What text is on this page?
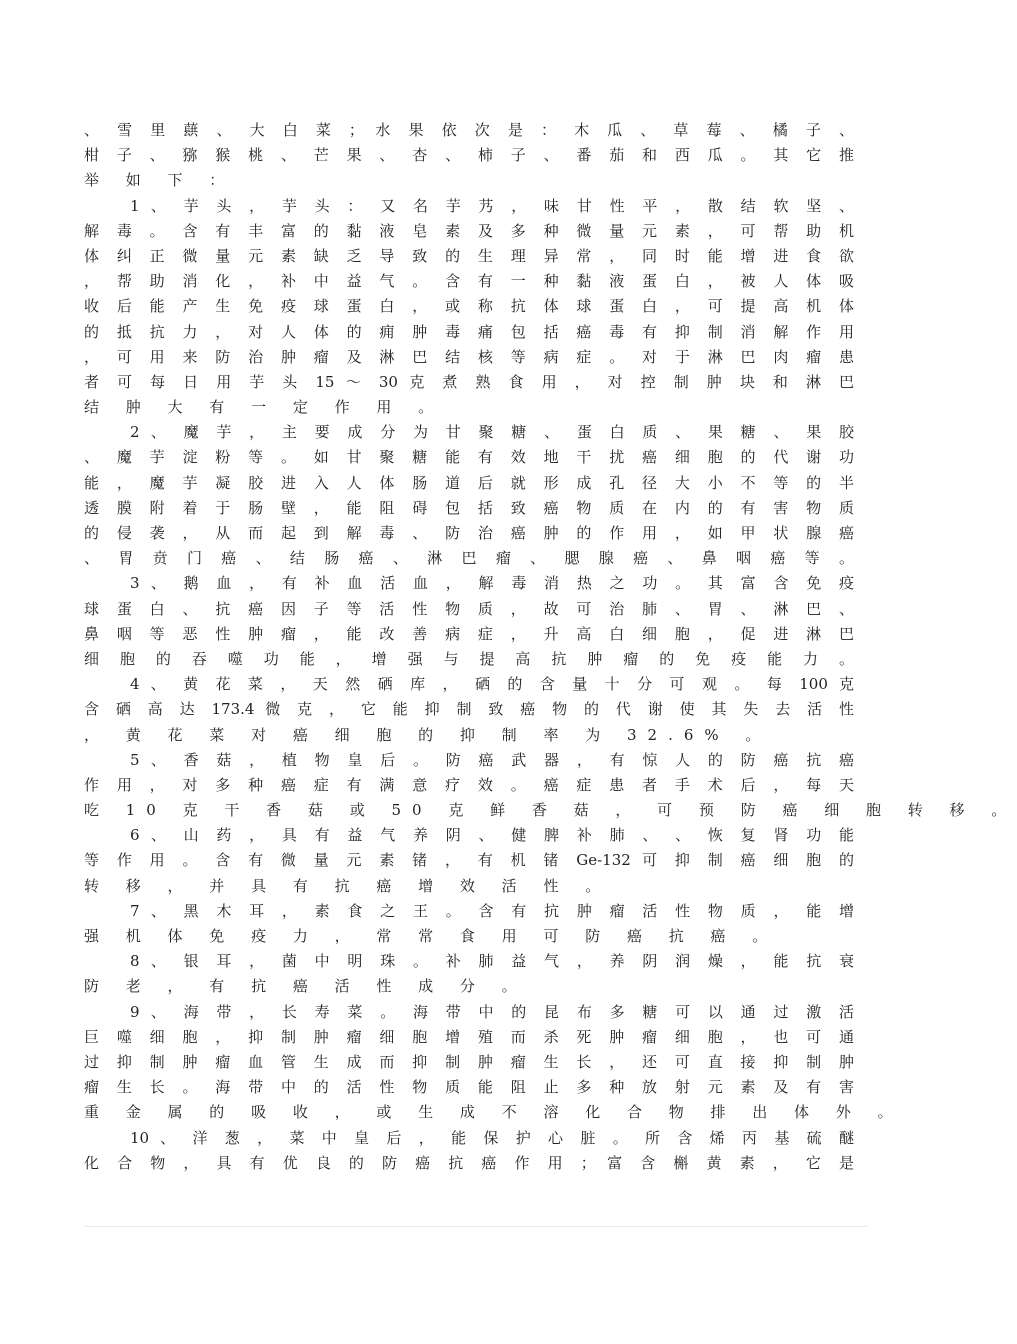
、 雪 里 蕻 、 大 白 菜 ； 水 果 依 次 是 ： 木 瓜 、 草 莓 、 橘 子 、
柑 子 、 猕 猴 桃 、 芒 果 、 杏 、 柿 子 、 番 茄 和 西 瓜 。 其 它 推
举 如 下 ：
1 、 芋 头 ， 芋 头 ： 又 名 芋 艿 ， 味 甘 性 平 ， 散 结 软 坚 、
解 毒 。 含 有 丰 富 的 黏 液 皂 素 及 多 种 微 量 元 素 ， 可 帮 助 机
体 纠 正 微 量 元 素 缺 乏 导 致 的 生 理 异 常 ， 同 时 能 增 进 食 欲
， 帮 助 消 化 ， 补 中 益 气 。 含 有 一 种 黏 液 蛋 白 ， 被 人 体 吸
收 后 能 产 生 免 疫 球 蛋 白 ， 或 称 抗 体 球 蛋 白 ， 可 提 高 机 体
的 抵 抗 力 ， 对 人 体 的 痈 肿 毒 痛 包 括 癌 毒 有 抑 制 消 解 作 用
， 可 用 来 防 治 肿 瘤 及 淋 巴 结 核 等 病 症 。 对 于 淋 巴 肉 瘤 患
者 可 每 日 用 芋 头 15 ～ 30 克 煮 熟 食 用 ， 对 控 制 肿 块 和 淋 巴
结 肿 大 有 一 定 作 用 。
2 、 魔 芋 ， 主 要 成 分 为 甘 聚 糖 、 蛋 白 质 、 果 糖 、 果 胶
、 魔 芋 淀 粉 等 。 如 甘 聚 糖 能 有 效 地 干 扰 癌 细 胞 的 代 谢 功
能 ， 魔 芋 凝 胶 进 入 人 体 肠 道 后 就 形 成 孔 径 大 小 不 等 的 半
透 膜 附 着 于 肠 壁 ， 能 阻 碍 包 括 致 癌 物 质 在 内 的 有 害 物 质
的 侵 袭 ， 从 而 起 到 解 毒 、 防 治 癌 肿 的 作 用 ， 如 甲 状 腺 癌
、 胃 贲 门 癌 、 结 肠 癌 、 淋 巴 瘤 、 腮 腺 癌 、 鼻 咽 癌 等 。
3 、 鹅 血 ， 有 补 血 活 血 ， 解 毒 消 热 之 功 。 其 富 含 免 疫
球 蛋 白 、 抗 癌 因 子 等 活 性 物 质 ， 故 可 治 肺 、 胃 、 淋 巴 、
鼻 咽 等 恶 性 肿 瘤 ， 能 改 善 病 症 ， 升 高 白 细 胞 ， 促 进 淋 巴
细 胞 的 吞 噬 功 能 ， 增 强 与 提 高 抗 肿 瘤 的 免 疫 能 力 。
4 、 黄 花 菜 ， 天 然 硒 库 ， 硒 的 含 量 十 分 可 观 。 每 100 克
含 硒 高 达 173.4 微 克 ， 它 能 抑 制 致 癌 物 的 代 谢 使 其 失 去 活 性
， 黄 花 菜 对 癌 细 胞 的 抑 制 率 为 32.6% 。
5 、 香 菇 ， 植 物 皇 后 。 防 癌 武 器 ， 有 惊 人 的 防 癌 抗 癌
作 用 ， 对 多 种 癌 症 有 满 意 疗 效 。 癌 症 患 者 手 术 后 ， 每 天
吃 10 克 干 香 菇 或 50 克 鲜 香 菇 ， 可 预 防 癌 细 胞 转 移 。
6 、 山 药 ， 具 有 益 气 养 阴 、 健 脾 补 肺 、 、 恢 复 肾 功 能
等 作 用 。 含 有 微 量 元 素 锗 ， 有 机 锗 Ge-132 可 抑 制 癌 细 胞 的
转 移 ， 并 具 有 抗 癌 增 效 活 性 。
7 、 黑 木 耳 ， 素 食 之 王 。 含 有 抗 肿 瘤 活 性 物 质 ， 能 增
强 机 体 免 疫 力 ， 常 常 食 用 可 防 癌 抗 癌 。
8 、 银 耳 ， 菌 中 明 珠 。 补 肺 益 气 ， 养 阴 润 燥 ， 能 抗 衰
防 老 ， 有 抗 癌 活 性 成 分 。
9 、 海 带 ， 长 寿 菜 。 海 带 中 的 昆 布 多 糖 可 以 通 过 激 活
巨 噬 细 胞 ， 抑 制 肿 瘤 细 胞 增 殖 而 杀 死 肿 瘤 细 胞 ， 也 可 通
过 抑 制 肿 瘤 血 管 生 成 而 抑 制 肿 瘤 生 长 ， 还 可 直 接 抑 制 肿
瘤 生 长 。 海 带 中 的 活 性 物 质 能 阻 止 多 种 放 射 元 素 及 有 害
重 金 属 的 吸 收 ， 或 生 成 不 溶 化 合 物 排 出 体 外 。
10 、 洋 葱 ， 菜 中 皇 后 ， 能 保 护 心 脏 。 所 含 烯 丙 基 硫 醚
化 合 物 ， 具 有 优 良 的 防 癌 抗 癌 作 用 ； 富 含 槲 黄 素 ， 它 是
